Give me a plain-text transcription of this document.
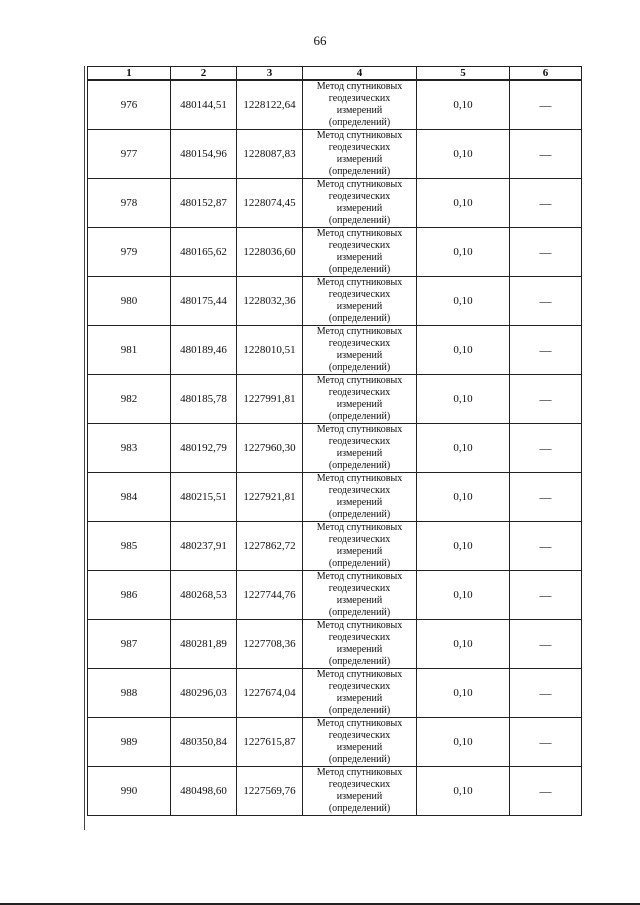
66
1	2	3	4	5	6
976	480144,51	1228122,64	Метод спутниковых
геодезических
измерений
(определений)	0,10	—
977	480154,96	1228087,83	Метод спутниковых
геодезических
измерений
(определений)	0,10	—
978	480152,87	1228074,45	Метод спутниковых
геодезических
измерений
(определений)	0,10	—
979	480165,62	1228036,60	Метод спутниковых
геодезических
измерений
(определений)	0,10	—
980	480175,44	1228032,36	Метод спутниковых
геодезических
измерений
(определений)	0,10	—
981	480189,46	1228010,51	Метод спутниковых
геодезических
измерений
(определений)	0,10	—
982	480185,78	1227991,81	Метод спутниковых
геодезических
измерений
(определений)	0,10	—
983	480192,79	1227960,30	Метод спутниковых
геодезических
измерений
(определений)	0,10	—
984	480215,51	1227921,81	Метод спутниковых
геодезических
измерений
(определений)	0,10	—
985	480237,91	1227862,72	Метод спутниковых
геодезических
измерений
(определений)	0,10	—
986	480268,53	1227744,76	Метод спутниковых
геодезических
измерений
(определений)	0,10	—
987	480281,89	1227708,36	Метод спутниковых
геодезических
измерений
(определений)	0,10	—
988	480296,03	1227674,04	Метод спутниковых
геодезических
измерений
(определений)	0,10	—
989	480350,84	1227615,87	Метод спутниковых
геодезических
измерений
(определений)	0,10	—
990	480498,60	1227569,76	Метод спутниковых
геодезических
измерений
(определений)	0,10	—
